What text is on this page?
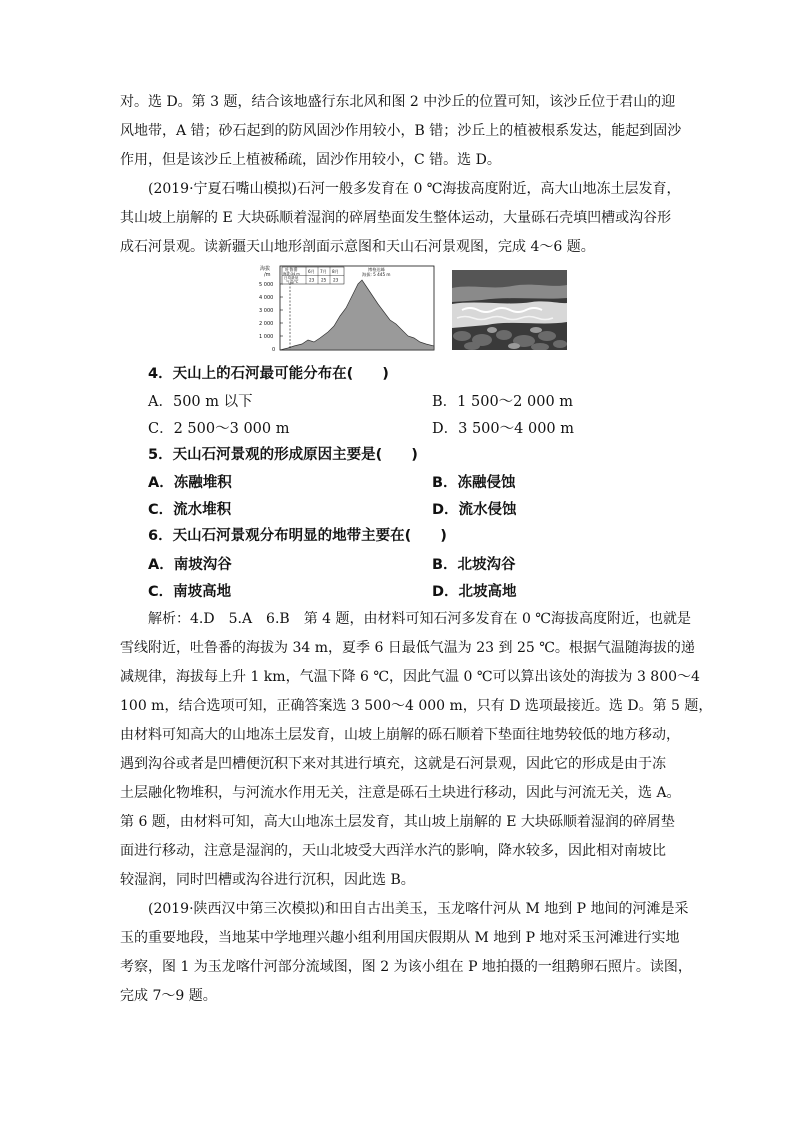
对。选 D。第 3 题，结合该地盛行东北风和图 2 中沙丘的位置可知，该沙丘位于君山的迎
风地带，A 错；砂石起到的防风固沙作用较小，B 错；沙丘上的植被根系发达，能起到固沙
作用，但是该沙丘上植被稀疏，固沙作用较小，C 错。选 D。
(2019·宁夏石嘴山模拟)石河一般多发育在 0 ℃海拔高度附近，高大山地冻土层发育，
其山坡上崩解的 E 大块砾顺着湿润的碎屑垫面发生整体运动，大量砾石壳填凹槽或沟谷形
成石河景观。读新疆天山地形剖面示意图和天山石河景观图，完成 4～6 题。
海拔
/m
5 000
4 000
3 000
2 000
1 000
0
吐鲁番
海拔:34 m 6月 7月 8月
日均最低
气温/℃	23 25 23
博格达峰
海拔: 5 445 m
4．天山上的石河最可能分布在(　　)
A．500 m 以下	B．1 500～2 000 m
C．2 500～3 000 m	D．3 500～4 000 m
5．天山石河景观的形成原因主要是(　　)
A．冻融堆积	B．冻融侵蚀
C．流水堆积	D．流水侵蚀
6．天山石河景观分布明显的地带主要在(　　)
A．南坡沟谷	B．北坡沟谷
C．南坡高地	D．北坡高地
解析：4.D　5.A　6.B　第 4 题，由材料可知石河多发育在 0 ℃海拔高度附近，也就是
雪线附近，吐鲁番的海拔为 34 m，夏季 6 日最低气温为 23 到 25 ℃。根据气温随海拔的递
减规律，海拔每上升 1 km，气温下降 6 ℃，因此气温 0 ℃可以算出该处的海拔为 3 800～4
100 m，结合选项可知，正确答案选 3 500～4 000 m，只有 D 选项最接近。选 D。第 5 题，
由材料可知高大的山地冻土层发育，山坡上崩解的砾石顺着下垫面往地势较低的地方移动，
遇到沟谷或者是凹槽便沉积下来对其进行填充，这就是石河景观，因此它的形成是由于冻
土层融化物堆积，与河流水作用无关，注意是砾石土块进行移动，因此与河流无关，选 A。
第 6 题，由材料可知，高大山地冻土层发育，其山坡上崩解的 E 大块砾顺着湿润的碎屑垫
面进行移动，注意是湿润的，天山北坡受大西洋水汽的影响，降水较多，因此相对南坡比
较湿润，同时凹槽或沟谷进行沉积，因此选 B。
(2019·陕西汉中第三次模拟)和田自古出美玉，玉龙喀什河从 M 地到 P 地间的河滩是采
玉的重要地段，当地某中学地理兴趣小组利用国庆假期从 M 地到 P 地对采玉河滩进行实地
考察，图 1 为玉龙喀什河部分流域图，图 2 为该小组在 P 地拍摄的一组鹅卵石照片。读图，
完成 7～9 题。
